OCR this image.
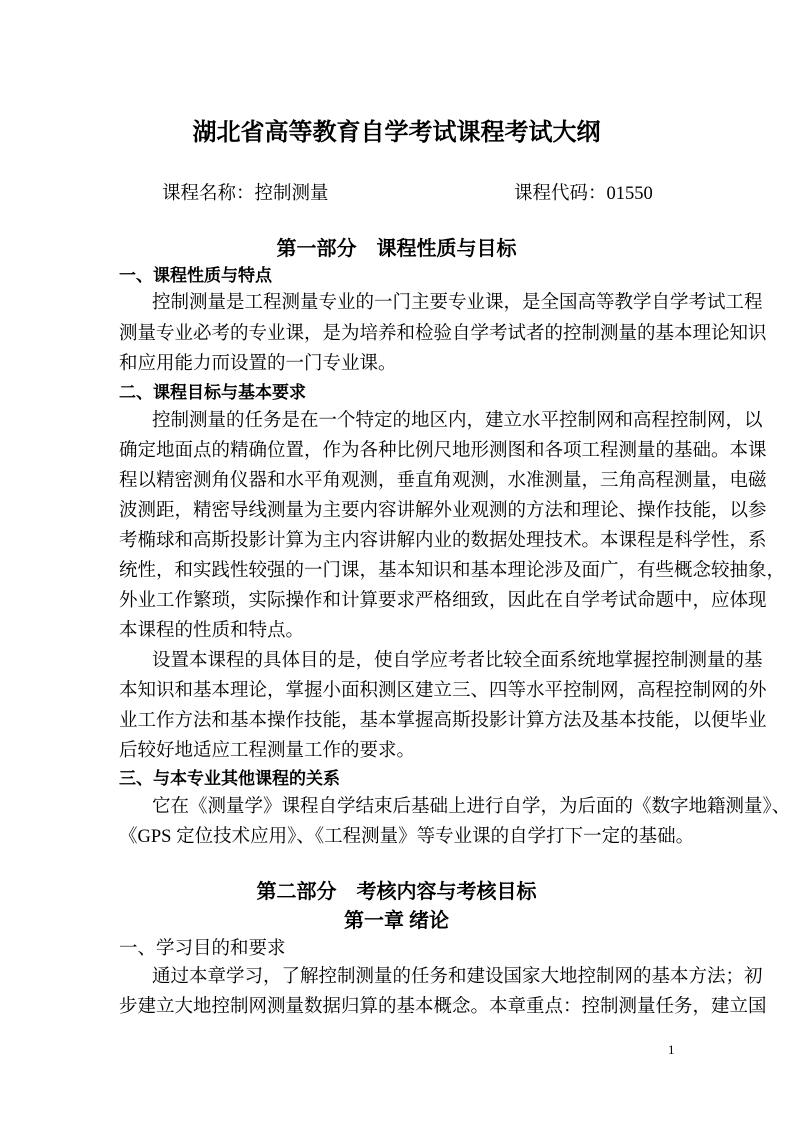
湖北省高等教育自学考试课程考试大纲
课程名称：控制测量	课程代码：01550
第一部分　课程性质与目标
一、课程性质与特点
控制测量是工程测量专业的一门主要专业课，是全国高等教学自学考试工程
测量专业必考的专业课，是为培养和检验自学考试者的控制测量的基本理论知识
和应用能力而设置的一门专业课。
二、课程目标与基本要求
控制测量的任务是在一个特定的地区内，建立水平控制网和高程控制网，以
确定地面点的精确位置，作为各种比例尺地形测图和各项工程测量的基础。本课
程以精密测角仪器和水平角观测，垂直角观测，水准测量，三角高程测量，电磁
波测距，精密导线测量为主要内容讲解外业观测的方法和理论、操作技能，以参
考椭球和高斯投影计算为主内容讲解内业的数据处理技术。本课程是科学性，系
统性，和实践性较强的一门课，基本知识和基本理论涉及面广，有些概念较抽象，
外业工作繁琐，实际操作和计算要求严格细致，因此在自学考试命题中，应体现
本课程的性质和特点。
设置本课程的具体目的是，使自学应考者比较全面系统地掌握控制测量的基
本知识和基本理论，掌握小面积测区建立三、四等水平控制网，高程控制网的外
业工作方法和基本操作技能，基本掌握高斯投影计算方法及基本技能，以便毕业
后较好地适应工程测量工作的要求。
三、与本专业其他课程的关系
它在《测量学》课程自学结束后基础上进行自学，为后面的《数字地籍测量》、
《GPS 定位技术应用》、《工程测量》等专业课的自学打下一定的基础。
一、学习目的和要求
通过本章学习，了解控制测量的任务和建设国家大地控制网的基本方法；初
步建立大地控制网测量数据归算的基本概念。本章重点：控制测量任务，建立国
第二部分　考核内容与考核目标
第一章 绪论
1
